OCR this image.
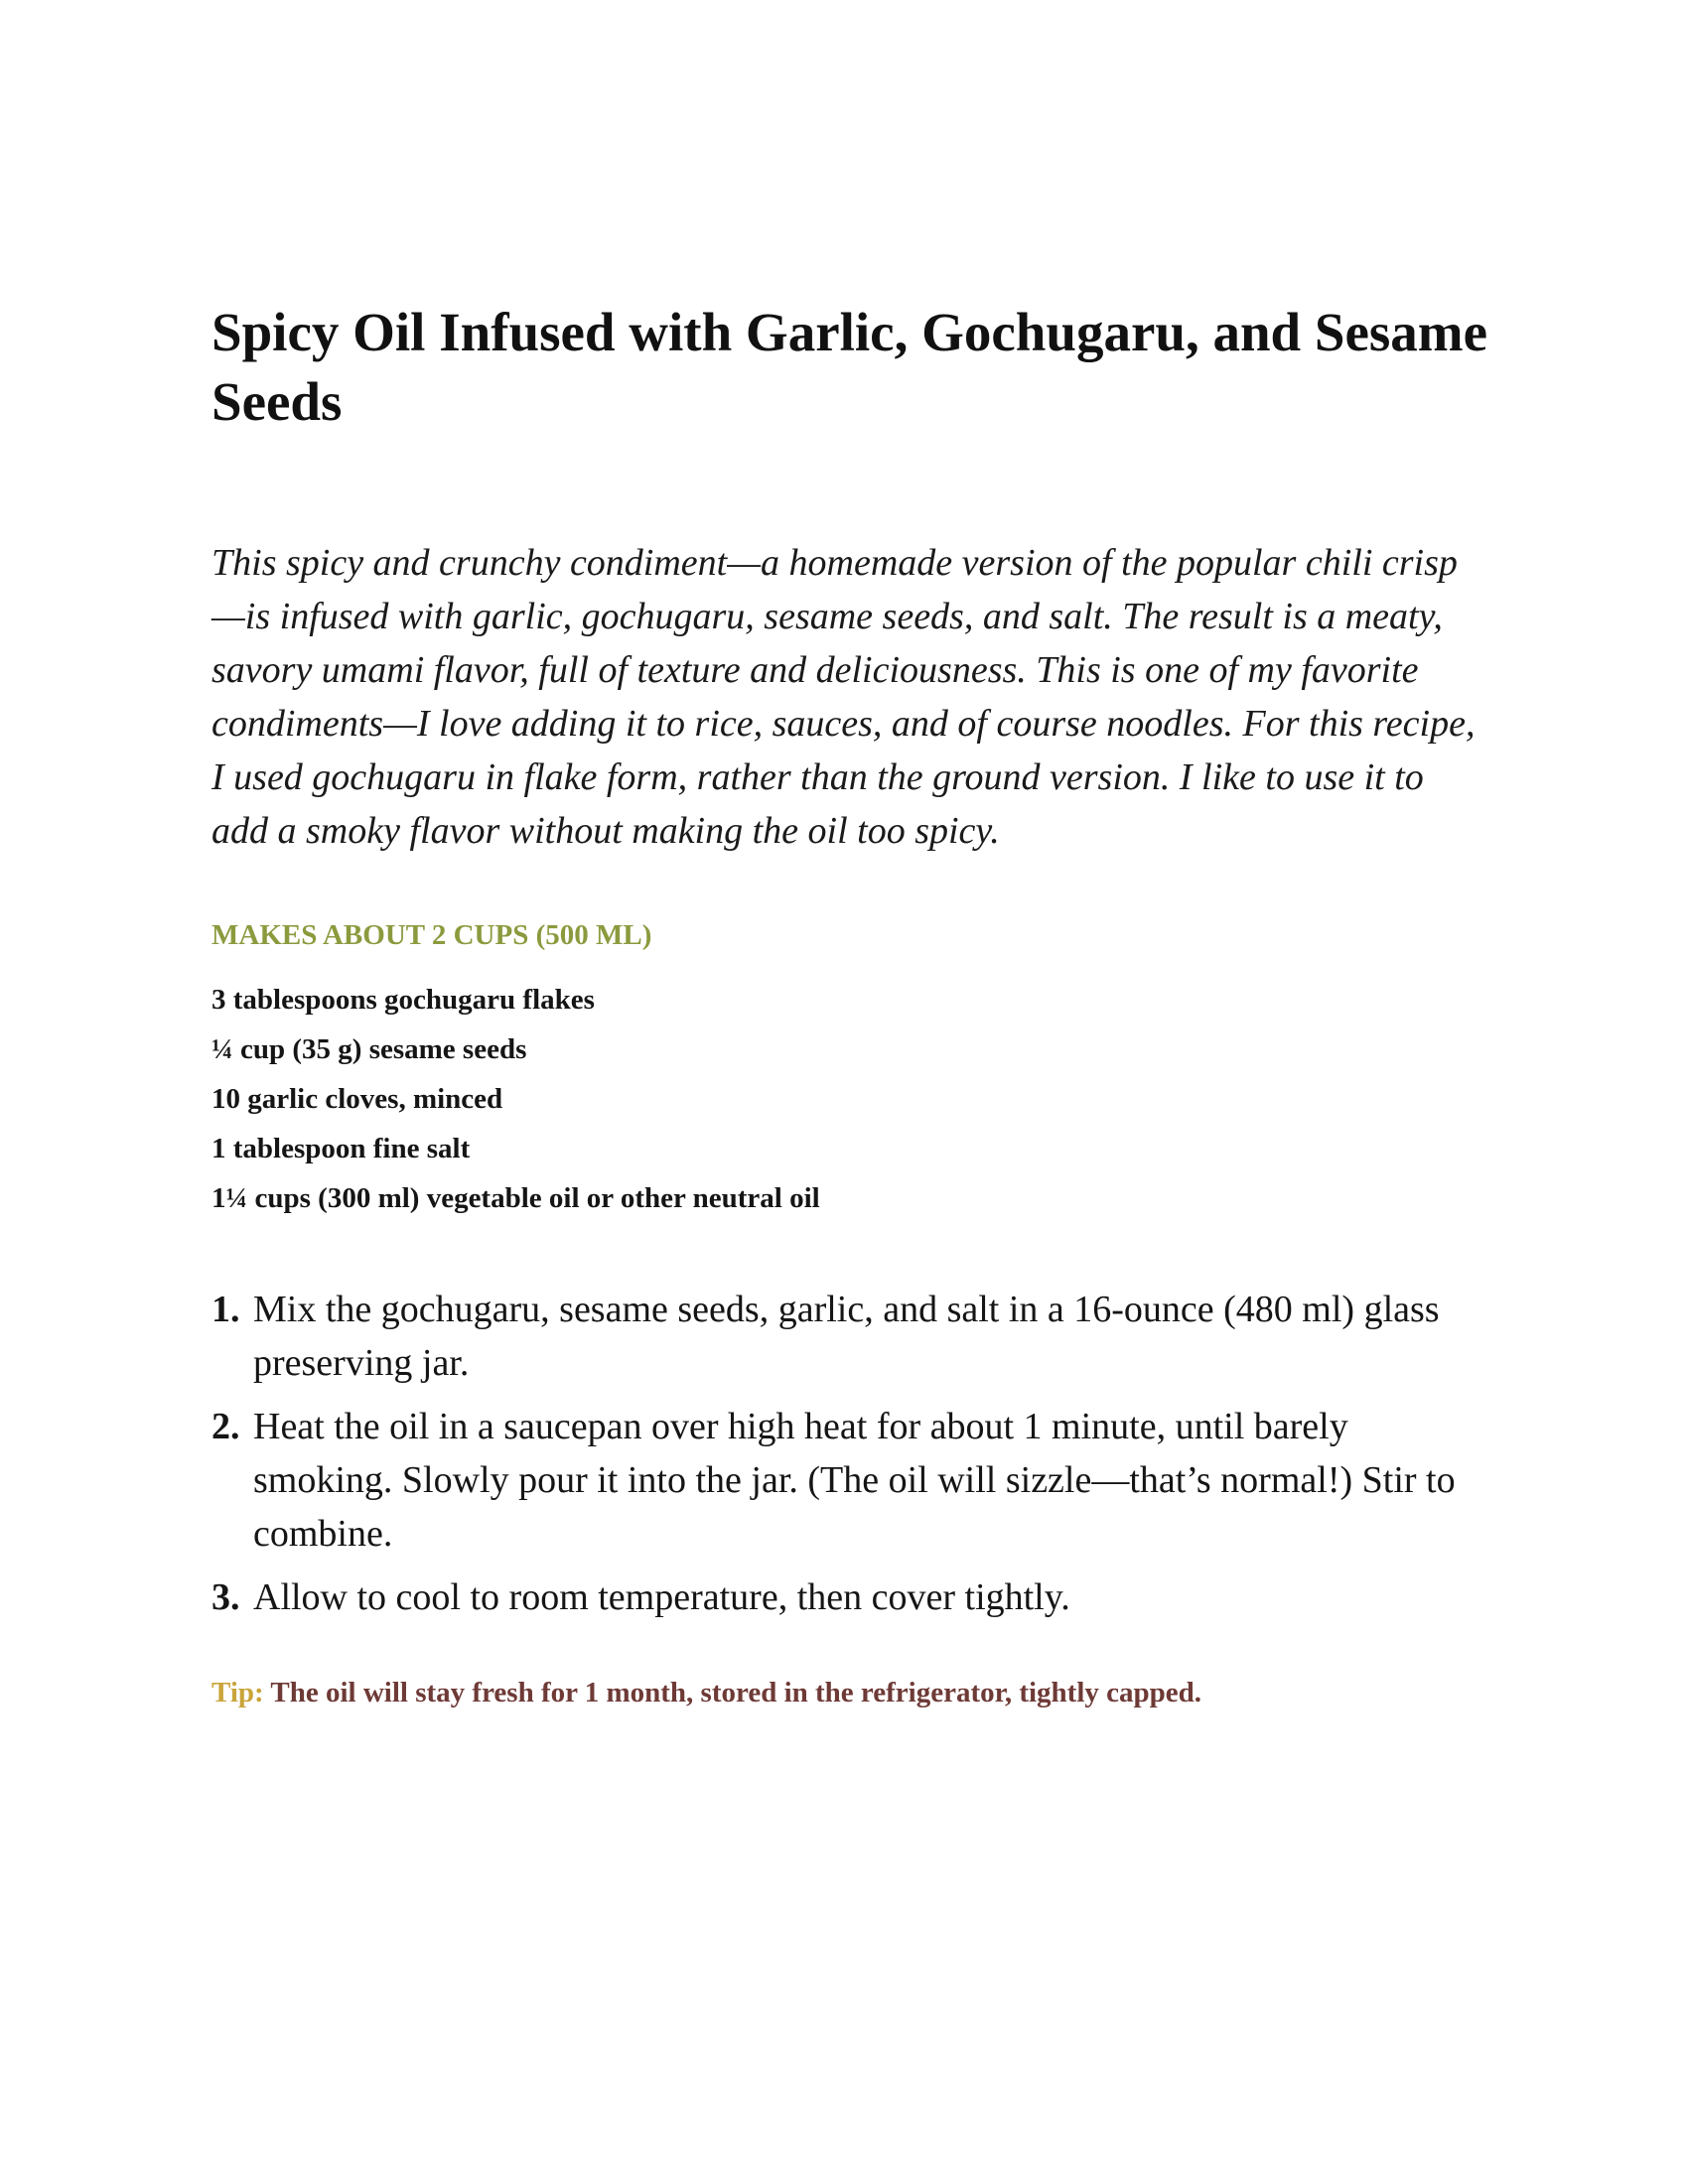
Spicy Oil Infused with Garlic, Gochugaru, and Sesame Seeds

This spicy and crunchy condiment—a homemade version of the popular chili crisp—is infused with garlic, gochugaru, sesame seeds, and salt. The result is a meaty, savory umami flavor, full of texture and deliciousness. This is one of my favorite condiments—I love adding it to rice, sauces, and of course noodles. For this recipe, I used gochugaru in flake form, rather than the ground version. I like to use it to add a smoky flavor without making the oil too spicy.

MAKES ABOUT 2 CUPS (500 ML)
3 tablespoons gochugaru flakes
¼ cup (35 g) sesame seeds
10 garlic cloves, minced
1 tablespoon fine salt
1¼ cups (300 ml) vegetable oil or other neutral oil
1. Mix the gochugaru, sesame seeds, garlic, and salt in a 16-ounce (480 ml) glass preserving jar.
2. Heat the oil in a saucepan over high heat for about 1 minute, until barely smoking. Slowly pour it into the jar. (The oil will sizzle—that’s normal!) Stir to combine.
3. Allow to cool to room temperature, then cover tightly.

Tip: The oil will stay fresh for 1 month, stored in the refrigerator, tightly capped.
